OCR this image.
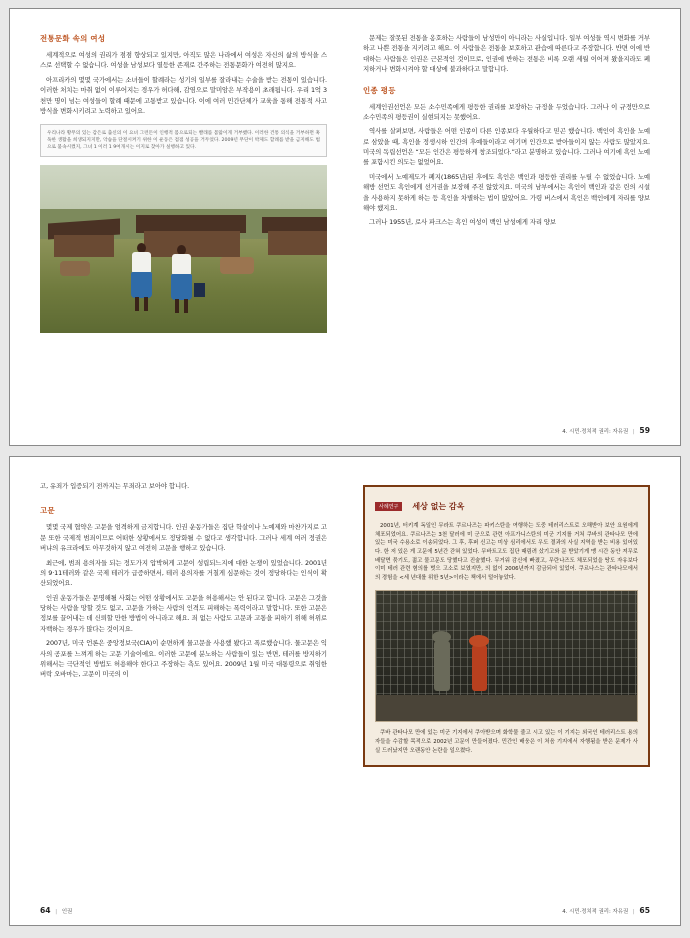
전통문화 속의 여성

세계적으로 여성의 권리가 점점 향상되고 있지만, 아직도 많은 나라에서 여성은 자신의 삶의 방식을 스스로 선택할 수 없습니다. 여성을 남성보다 열등한 존재로 간주하는 전통문화가 여전히 많지요.

아프리카의 몇몇 국가에서는 소녀들이 할례라는 성기의 일부를 잘라내는 수술을 받는 전통이 있습니다. 이러한 처치는 마취 없이 이루어지는 경우가 허다해, 감염으로 말미암은 부작용이 초래됩니다. 우리 1억 3천만 명이 넘는 여성들이 할례 때문에 고통받고 있습니다. 이에 여러 민간단체가 교육을 통해 전통적 사고방식을 변화시키려고 노력하고 있어요.

우리나라 황무의 있는 감은로 출신의 이 요녀 그런돈이 인행적 몸으로되는 빨래를 몸앓이게 거부했다. 이러한 건통 의식을 거부하면 혹독한 생활을 희생되지지만, 악습을 단절시켜기 위한 이 운동은 점점 성공을 거두었다. 2009년 무단이 박제도 할례를 받을 금지해도 법으로 불속시켰지, 그녀 1 이러 1 9여개시는 이지로 찾아가 실행하고 있다.

문제는 잘못된 전통을 옹호하는 사람들이 남성만이 아니라는 사실입니다. 일부 여성들 역시 변화를 거부하고 나쁜 전통을 지키려고 해요. 이 사람들은 전통을 보호하고 관습에 따른다고 주장합니다. 반면 이에 반대하는 사람들은 인권은 근본적인 것이므로, 인권에 반하는 전통은 비록 오랜 세월 이어져 왔을지라도 폐지하거나 변화시켜야 할 대상에 불과하다고 말합니다.

인종 평등

세계인권선언은 모든 소수민족에게 평등한 권리를 보장하는 규정을 두었습니다. 그러나 이 규정만으로 소수민족의 평등권이 실현되지는 못했어요.

역사를 살펴보면, 사람들은 어떤 인종이 다른 인종보다 우월하다고 믿곤 했습니다. 백인이 흑인을 노예로 삼았을 때, 흑인을 정생시하 인간의 후예들이라고 여기며 인간으로 받아들이지 않는 사람도 많았지요. 미국의 독립선언은 “모든 인간은 평등하게 창조되었다.”라고 분명하고 있습니다. 그러나 여기에 흑인 노예를 포함시킨 의도는 없었어요.

미국에서 노예제도가 폐지(1865년)된 후에도 흑인은 백인과 평등한 권리를 누릴 수 없었습니다. 노예 해방 선언도 흑인에게 선거권을 보장해 주진 않았지요. 미국의 남부에서는 흑인이 백인과 같은 린의 시설을 사용하지 못하게 하는 등 흑인을 차별하는 법이 많았어요. 가령 버스에서 흑인은 백인에게 자리를 양보해야 했지요.

그러나 1955년, 로사 파크스는 흑인 여성이 백인 남성에게 자리 양보

4. 시민·정치적 권리: 자유권 | 59

고, 유죄가 입증되기 전까지는 무죄라고 보아야 합니다.

고문

몇몇 국제 협약은 고문을 엄격하게 금지합니다. 인권 운동가들은 집단 학살이나 노예제와 마찬가지로 고문 또한 국제적 범죄이므로 어떠한 상황에서도 정당화될 수 없다고 생각합니다. 그러나 세계 여러 정권은 버냐의 유크라에도 아무것하지 않고 여전히 고문을 행하고 있습니다.

최근에, 범죄 용의자들 되는 정도가지 압박혀게 고문이 성립되느지에 대한 논쟁이 있었습니다. 2001년의 9·11테러와 같은 국제 테러가 급증하면서, 테러 용의자를 거칠게 심문하는 것이 정당하다는 인식이 확산되었어요.

인권 운동가들은 문명해될 사회는 어떤 상황에서도 고문을 허용해서는 안 된다고 합니다. 고문은 그것을 당하는 사람을 망할 것도 없고, 고문을 가하는 사람의 인격도 피해하는 폭력이라고 말합니다. 또한 고문은 정보를 끌어내는 데 신뢰할 만한 방법이 아니라고 해요. 죄 없는 사람도 고문과 고통을 피하기 위해 허위로 자백하는 경우가 많다는 것이지요.

2007년, 미국 언론은 중앙정보국(CIA)이 순면하게 물고문을 사용했 봤다고 폭로했습니다. 물고문은 익사의 공포를 느껴게 하는 고문 기술이에요. 이러한 고문에 분노하는 사람들이 있는 반면, 테러를 방지하기 위해서는 극단적인 방법도 허용해야 한다고 주장하는 측도 있어요. 2009년 1월 미국 대통령으로 취임한 버락 오바마는, 고문이 미국의 이

64 | 인권
사례연구 세상 없는 감옥

2001년, 터키계 독일인 무라트 쿠르나즈는 파키스탄을 여행하는 도중 테러리스트로 오해받아 보안 요원에게 체포되었어요. 쿠르나즈는 3천 달러에 미 군으로 관련 아프가니스탄의 미군 기지를 거쳐 쿠바의 관타나모 만에 있는 미국 수용소로 이송되었다. 그 후, 후퍼 신고는 미상 심리에서도 우도 결과의 사실 지역을 받는 비용 있어있다. 한 저 있은 게 고문에 5년간 갇혀 있었다. 무바트고도 집단 때림려 샀기고와 문 받았기게 맹 시간 동안 져무로 배달면 묶기도, 젊고 물고문도 당했다고 진술했다. 무거워 감신에 빠졌고, 무란나즈도 체포되었을 땅도 자유보다 이미 테러 관련 혐의를 벗으 고소로 보였지만, 의 없이 2006년까지 감금되어 있었어. 쿠르나스는 관타나모에서의 경험을 <세 년대를 위한 5년>이라는 책에서 털어놓았다.

쿠바 관타나모 만에 있는 미군 기지에서 쿠아받으며 화학물 줄고 시고 있는 이 기지는 외국인 테러리스트 용의자들을 수감할 목적으로 2002년 고문이 만들어졌다. 민간인 배웅은 이 처음 기지에서 자행됨을 받은 문제가 사실 드러났지만 오랜동안 논란을 일으켰다.

4. 시민·정치적 권리: 자유권 | 65
